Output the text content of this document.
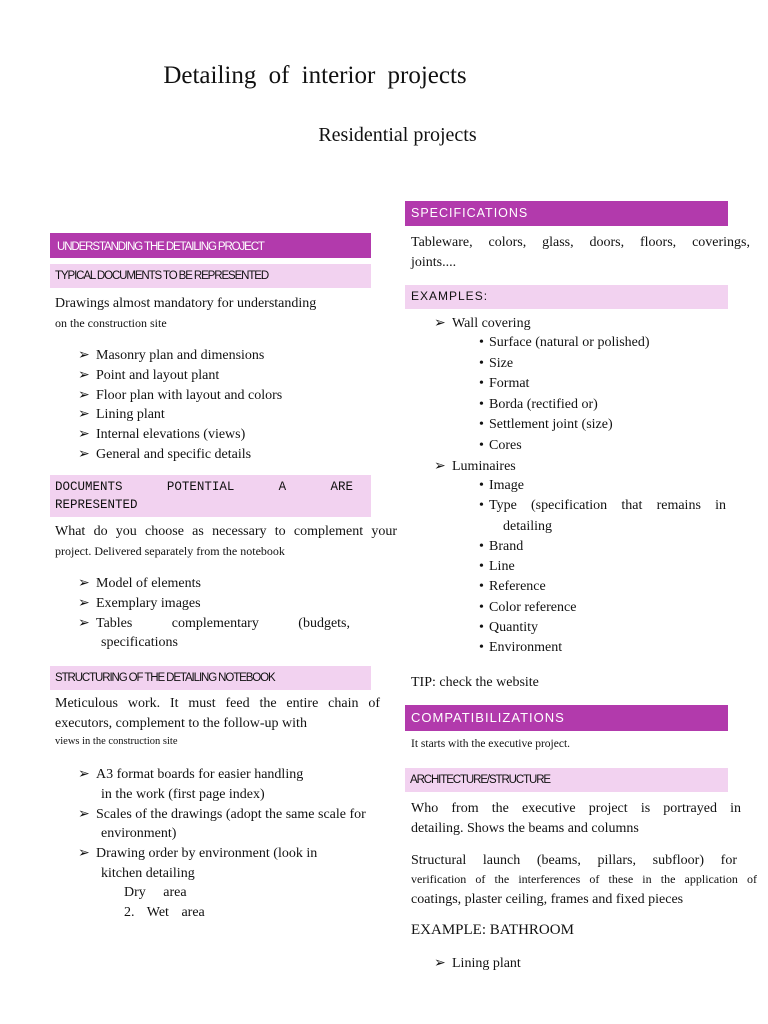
Detailing of interior projects
Residential projects
UNDERSTANDING THE DETAILING PROJECT
TYPICAL DOCUMENTS TO BE REPRESENTED
Drawings almost mandatory for understanding
on the construction site
➢ Masonry plan and dimensions
➢ Point and layout plant
➢ Floor plan with layout and colors
➢ Lining plant
➢ Internal elevations (views)
➢ General and specific details
DOCUMENTS POTENTIAL A ARE
REPRESENTED
What do you choose as necessary to complement your
project. Delivered separately from the notebook
➢ Model of elements
➢ Exemplary images
➢ Tables complementary (budgets,
specifications
STRUCTURING OF THE DETAILING NOTEBOOK
Meticulous work. It must feed the entire chain of
executors, complement to the follow-up with
views in the construction site
➢ A3 format boards for easier handling
in the work (first page index)
➢ Scales of the drawings (adopt the same scale for
environment)
➢ Drawing order by environment (look in
kitchen detailing
Dry area
2. Wet area
SPECIFICATIONS
Tableware, colors, glass, doors, floors, coverings,
joints....
EXAMPLES:
➢ Wall covering
• Surface (natural or polished)
• Size
• Format
• Borda (rectified or)
• Settlement joint (size)
• Cores
➢ Luminaires
• Image
• Type (specification that remains in
detailing
• Brand
• Line
• Reference
• Color reference
• Quantity
• Environment
TIP: check the website
COMPATIBILIZATIONS
It starts with the executive project.
ARCHITECTURE/STRUCTURE
Who from the executive project is portrayed in
detailing. Shows the beams and columns
Structural launch (beams, pillars, subfloor) for
verification of the interferences of these in the application of
coatings, plaster ceiling, frames and fixed pieces
EXAMPLE: BATHROOM
➢ Lining plant
